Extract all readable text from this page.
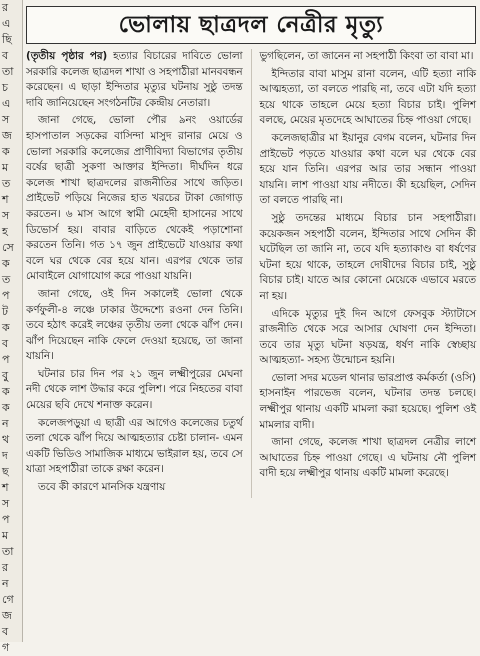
র
এ
ছি
ব
তা
চ
এ
স
জ
ক
ম
ত
শ
স
হ
সে
ক
ত
প
ট
ক
ব
প
বু
ক
ক
ন
থ
দ
ছ
শ
স
প
ম
তা
র
ন
গে
জ
ব
গ
ভোলায় ছাত্রদল নেত্রীর মৃত্যু

(তৃতীয় পৃষ্ঠার পর) হত্যার বিচারের দাবিতে ভোলা সরকারি কলেজ ছাত্রদল শাখা ও সহপাঠীরা মানববন্ধন করেছেন। এ ছাড়া ইন্দিতার মৃত্যুর ঘটনায় সুষ্ঠু তদন্ত দাবি জানিয়েছেন সংগঠনটির কেন্দ্রীয় নেতারা।

জানা গেছে, ভোলা পৌর ৯নং ওয়ার্ডের হাসপাতাল সড়কের বাসিন্দা মাসুদ রানার মেয়ে ও ভোলা সরকারি কলেজের প্রাণীবিদ্যা বিভাগের তৃতীয় বর্ষের ছাত্রী সুকণা আক্তার ইন্দিতা। দীর্ঘদিন ধরে কলেজ শাখা ছাত্রদলের রাজনীতির সাথে জড়িত। প্রাইভেট পড়িয়ে নিজের হাত খরচের টাকা জোগাড় করতেন। ৬ মাস আগে স্বামী মেহেদী হাসানের সাথে ডিভোর্স হয়। বাবার বাড়িতে থেকেই পড়াশোনা করতেন তিনি। গত ১৭ জুন প্রাইভেটে যাওয়ার কথা বলে ঘর থেকে বের হয়ে যান। এরপর থেকে তার মোবাইলে যোগাযোগ করে পাওয়া যায়নি।

জানা গেছে, ওই দিন সকালেই ভোলা থেকে কর্ণফুলী-৪ লঞ্চে ঢাকার উদ্দেশ্যে রওনা দেন তিনি। তবে হঠাৎ করেই লঞ্চের তৃতীয় তলা থেকে ঝাঁপ দেন। ঝাঁপ দিয়েছেন নাকি ফেলে দেওয়া হয়েছে, তা জানা যায়নি।

ঘটনার চার দিন পর ২১ জুন লক্ষ্মীপুরের মেঘনা নদী থেকে লাশ উদ্ধার করে পুলিশ। পরে নিহতের বাবা মেয়ের ছবি দেখে শনাক্ত করেন।

কলেজপড়ুয়া এ ছাত্রী এর আগেও কলেজের চতুর্থ তলা থেকে ঝাঁপ দিয়ে আত্মহত্যার চেষ্টা চালান- এমন একটি ভিডিও সামাজিক মাধ্যমে ভাইরাল হয়, তবে সে যাত্রা সহপাঠীরা তাকে রক্ষা করেন।

তবে কী কারণে মানসিক যন্ত্রণায়

ভুগছিলেন, তা জানেন না সহপাঠী কিংবা তা বাবা মা।

ইন্দিতার বাবা মাসুম রানা বলেন, এটি হত্যা নাকি আত্মহত্যা, তা বলতে পারছি না, তবে এটা যদি হত্যা হয়ে থাকে তাহলে মেয়ে হত্যা বিচার চাই। পুলিশ বলছে, মেয়ের মৃতদেহে আঘাতের চিহ্ন পাওয়া গেছে।

কলেজছাত্রীর মা ইয়ানুর বেগম বলেন, ঘটনার দিন প্রাইভেট পড়তে যাওয়ার কথা বলে ঘর থেকে বের হয়ে যান তিনি। এরপর আর তার সন্ধান পাওয়া যায়নি। লাশ পাওয়া যায় নদীতে। কী হয়েছিল, সেদিন তা বলতে পারছি না।

সুষ্ঠু তদন্তের মাধ্যমে বিচার চান সহপাঠীরা। কয়েকজন সহপাঠী বলেন, ইন্দিতার সাথে সেদিন কী ঘটেছিল তা জানি না, তবে যদি হত্যাকাণ্ড বা ধর্ষণের ঘটনা হয়ে থাকে, তাহলে দোষীদের বিচার চাই, সুষ্ঠু বিচার চাই। যাতে আর কোনো মেয়েকে এভাবে মরতে না হয়।

এদিকে মৃত্যুর দুই দিন আগে ফেসবুক স্ট্যাটাসে রাজনীতি থেকে সরে আসার ঘোষণা দেন ইন্দিতা। তবে তার মৃত্যু ঘটনা ষড়যন্ত্র, ধর্ষণ নাকি স্বেচ্ছায় আত্মহত্যা- সহস্য উন্মোচন হয়নি।

ভোলা সদর মডেল থানার ভারপ্রাপ্ত কর্মকর্তা (ওসি) হাসনাইন পারভেজ বলেন, ঘটনার তদন্ত চলছে। লক্ষ্মীপুর থানায় একটি মামলা করা হয়েছে। পুলিশ ওই মামলার বাদী।

জানা গেছে, কলেজ শাখা ছাত্রদল নেত্রীর লাশে আঘাতের চিহ্ন পাওয়া গেছে। এ ঘটনায় নৌ পুলিশ বাদী হয়ে লক্ষ্মীপুর থানায় একটি মামলা করেছে।
